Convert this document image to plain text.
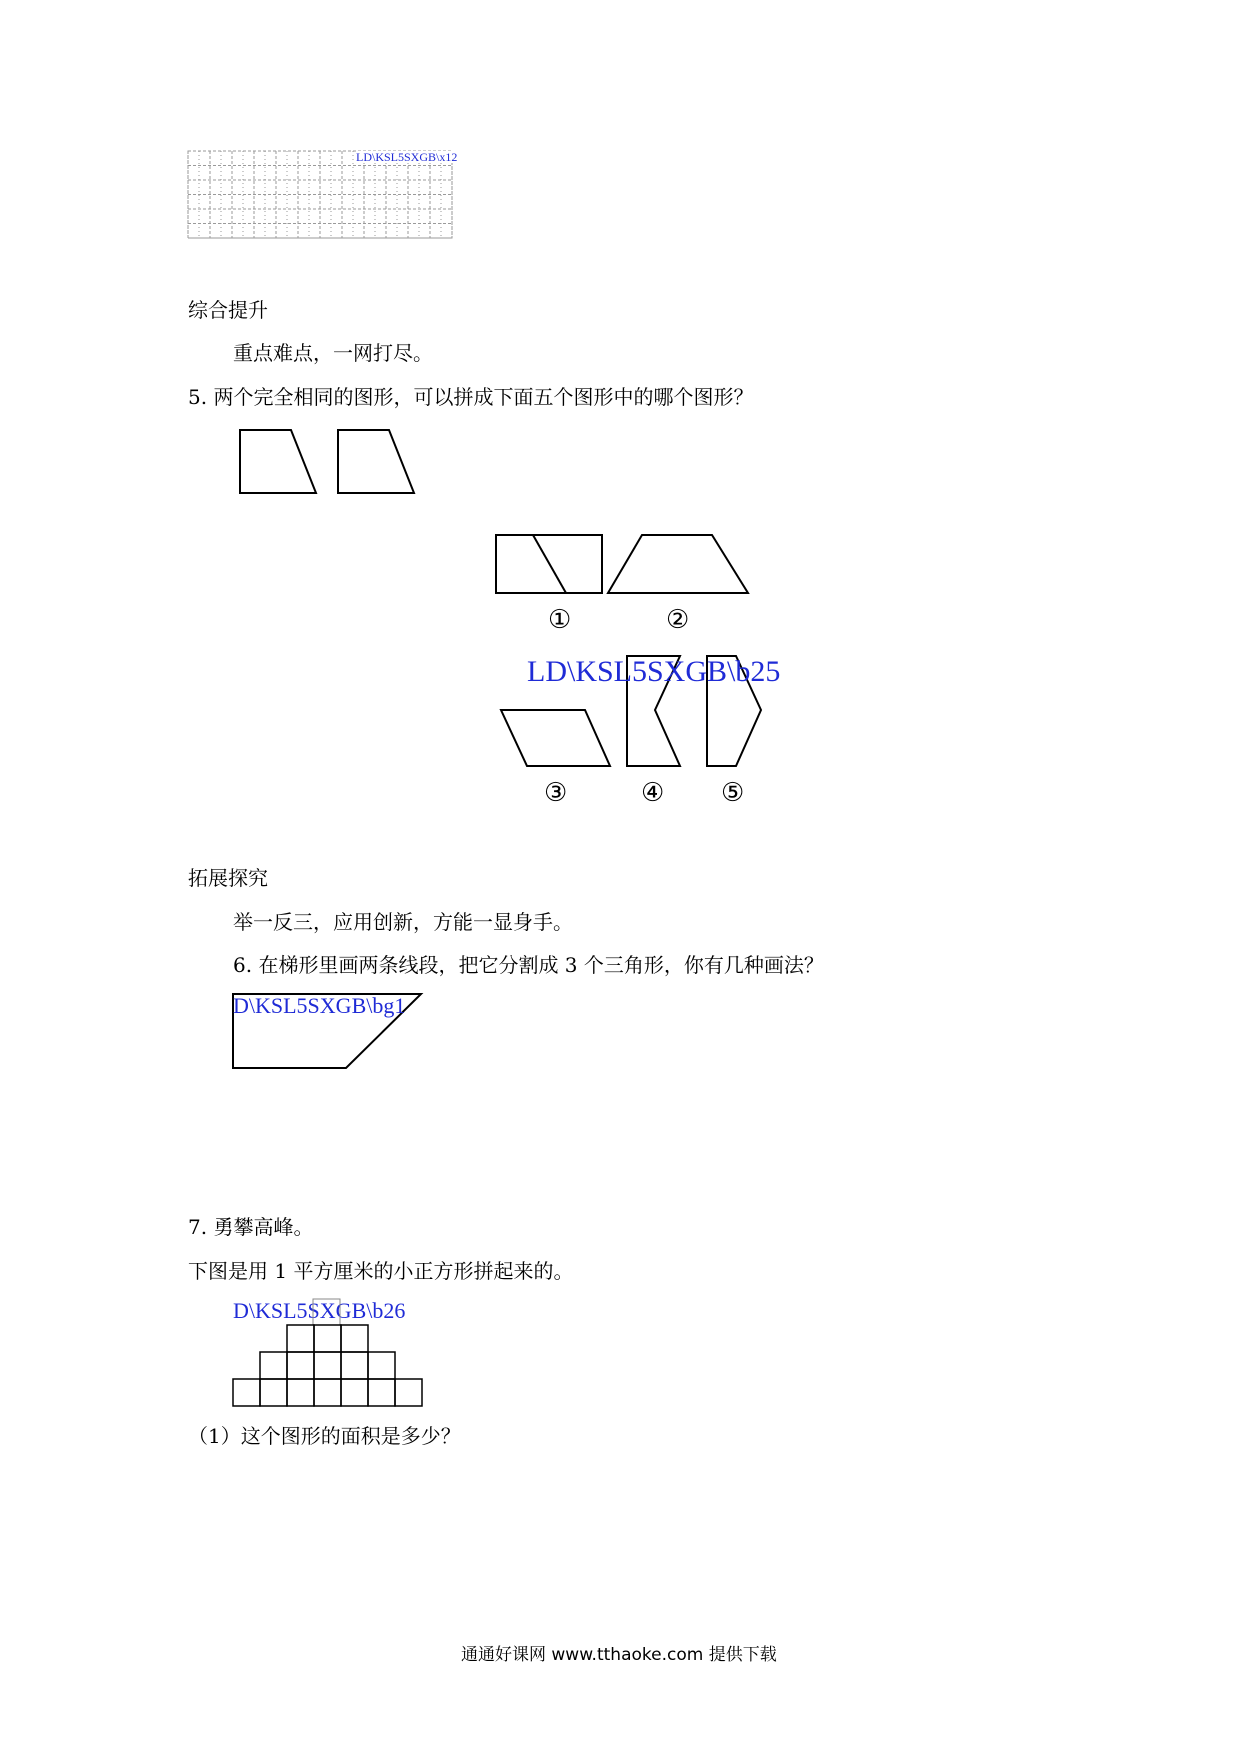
LD\KSL5SXGB\x12
综合提升
重点难点，一网打尽。
5. 两个完全相同的图形，可以拼成下面五个图形中的哪个图形？
①	②
LD\KSL5SXGB\b25
③	④ ⑤
拓展探究
举一反三，应用创新，方能一显身手。
6. 在梯形里画两条线段，把它分割成 3 个三角形，你有几种画法？
D\KSL5SXGB\bg1
7. 勇攀高峰。
下图是用 1 平方厘米的小正方形拼起来的。
D\KSL5SXGB\b26
（1）这个图形的面积是多少？
通通好课网 www.tthaoke.com 提供下载
